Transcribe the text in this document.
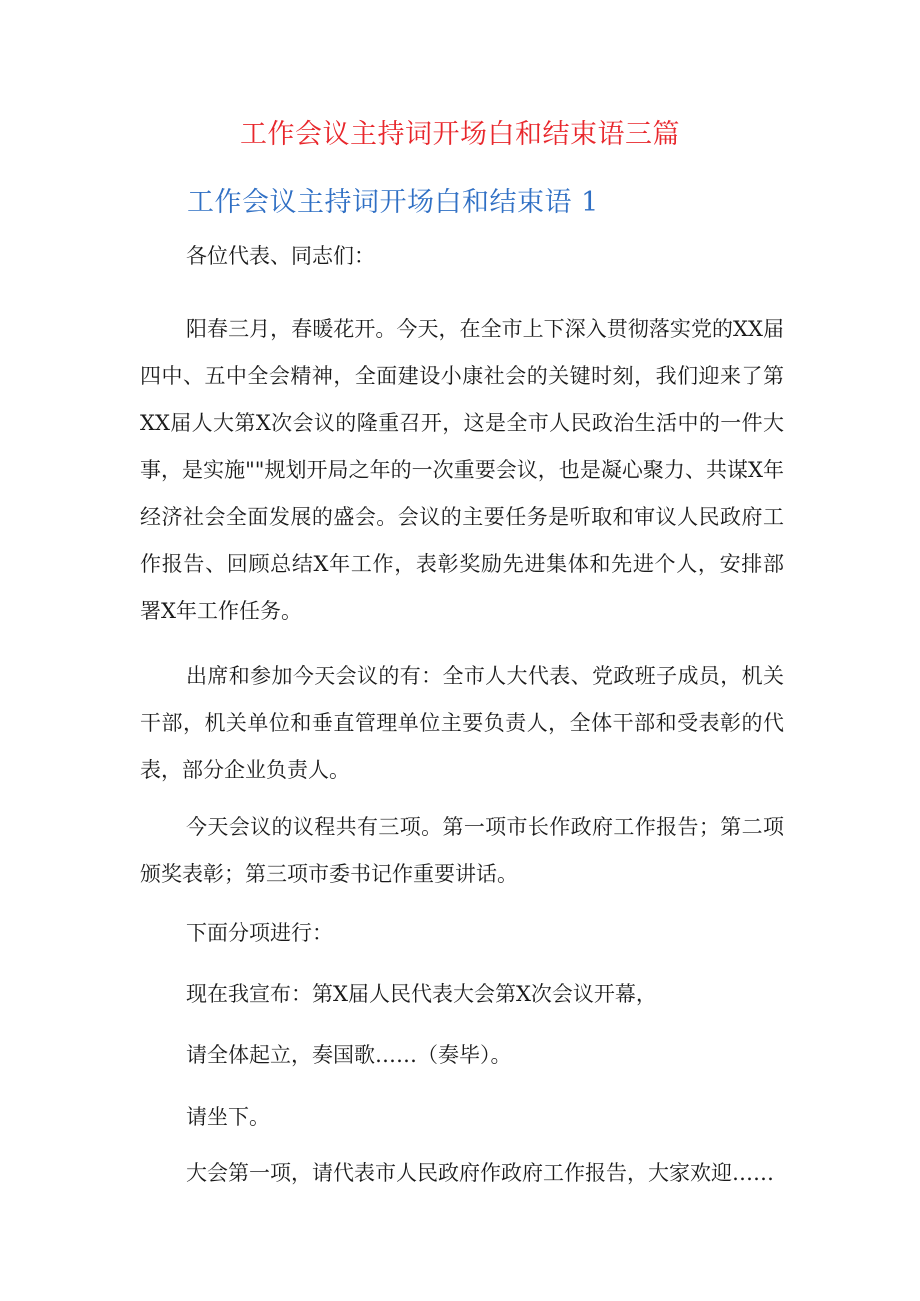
工作会议主持词开场白和结束语三篇
工作会议主持词开场白和结束语 1

各位代表、同志们：

阳春三月，春暖花开。今天，在全市上下深入贯彻落实党的XX届四中、五中全会精神，全面建设小康社会的关键时刻，我们迎来了第XX届人大第X次会议的隆重召开，这是全市人民政治生活中的一件大事，是实施""规划开局之年的一次重要会议，也是凝心聚力、共谋X年经济社会全面发展的盛会。会议的主要任务是听取和审议人民政府工作报告、回顾总结X年工作，表彰奖励先进集体和先进个人，安排部署X年工作任务。

出席和参加今天会议的有：全市人大代表、党政班子成员，机关干部，机关单位和垂直管理单位主要负责人，全体干部和受表彰的代表，部分企业负责人。

今天会议的议程共有三项。第一项市长作政府工作报告；第二项颁奖表彰；第三项市委书记作重要讲话。

下面分项进行：

现在我宣布：第X届人民代表大会第X次会议开幕，

请全体起立，奏国歌……（奏毕）。

请坐下。

大会第一项，请代表市人民政府作政府工作报告，大家欢迎……
